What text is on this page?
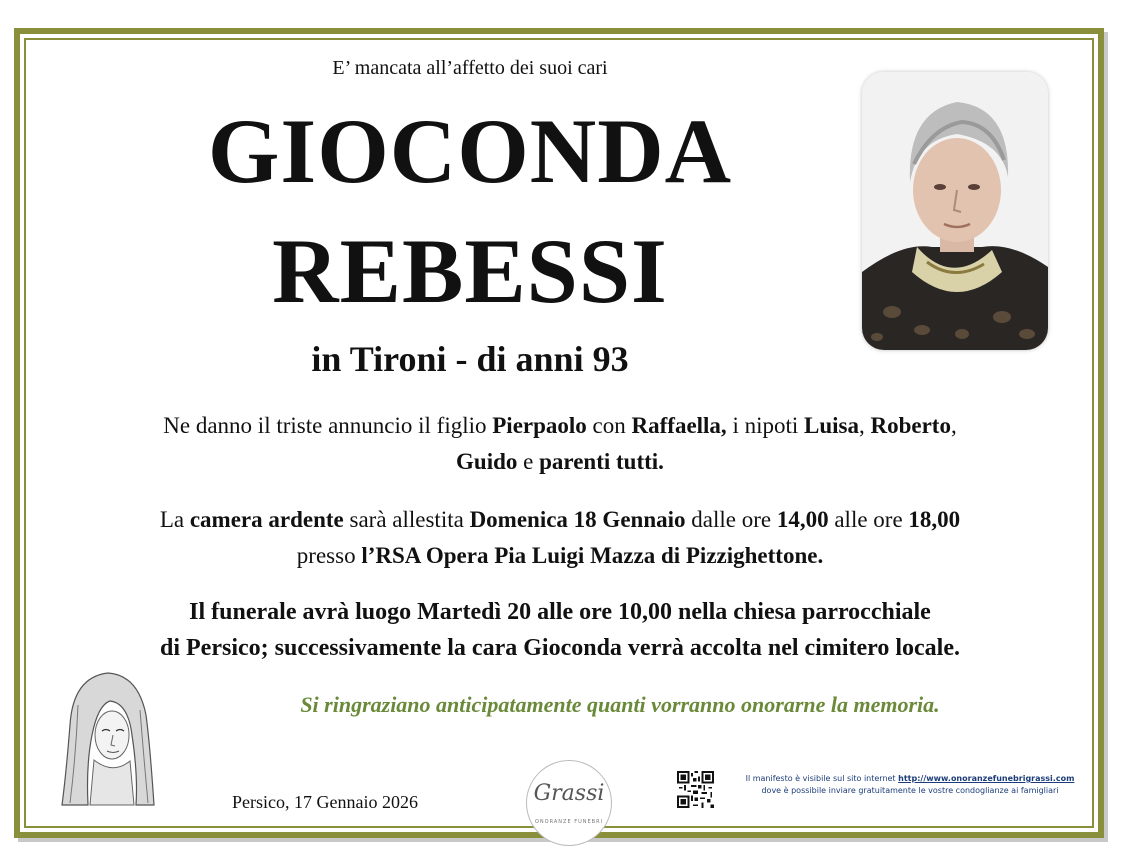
E’ mancata all’affetto dei suoi cari
GIOCONDA
REBESSI
in Tironi - di anni 93
Ne danno il triste annuncio il figlio Pierpaolo con Raffaella, i nipoti Luisa, Roberto,
Guido e parenti tutti.
La camera ardente sarà allestita Domenica 18 Gennaio dalle ore 14,00 alle ore 18,00
presso l’RSA Opera Pia Luigi Mazza di Pizzighettone.
Il funerale avrà luogo Martedì 20 alle ore 10,00 nella chiesa parrocchiale
di Persico; successivamente la cara Gioconda verrà accolta nel cimitero locale.
Si ringraziano anticipatamente quanti vorranno onorarne la memoria.
Persico, 17 Gennaio 2026	Grassi
ONORANZE FUNEBRI
Il manifesto è visibile sul sito internet http://www.onoranzefunebrigrassi.com
dove è possibile inviare gratuitamente le vostre condoglianze ai famigliari
